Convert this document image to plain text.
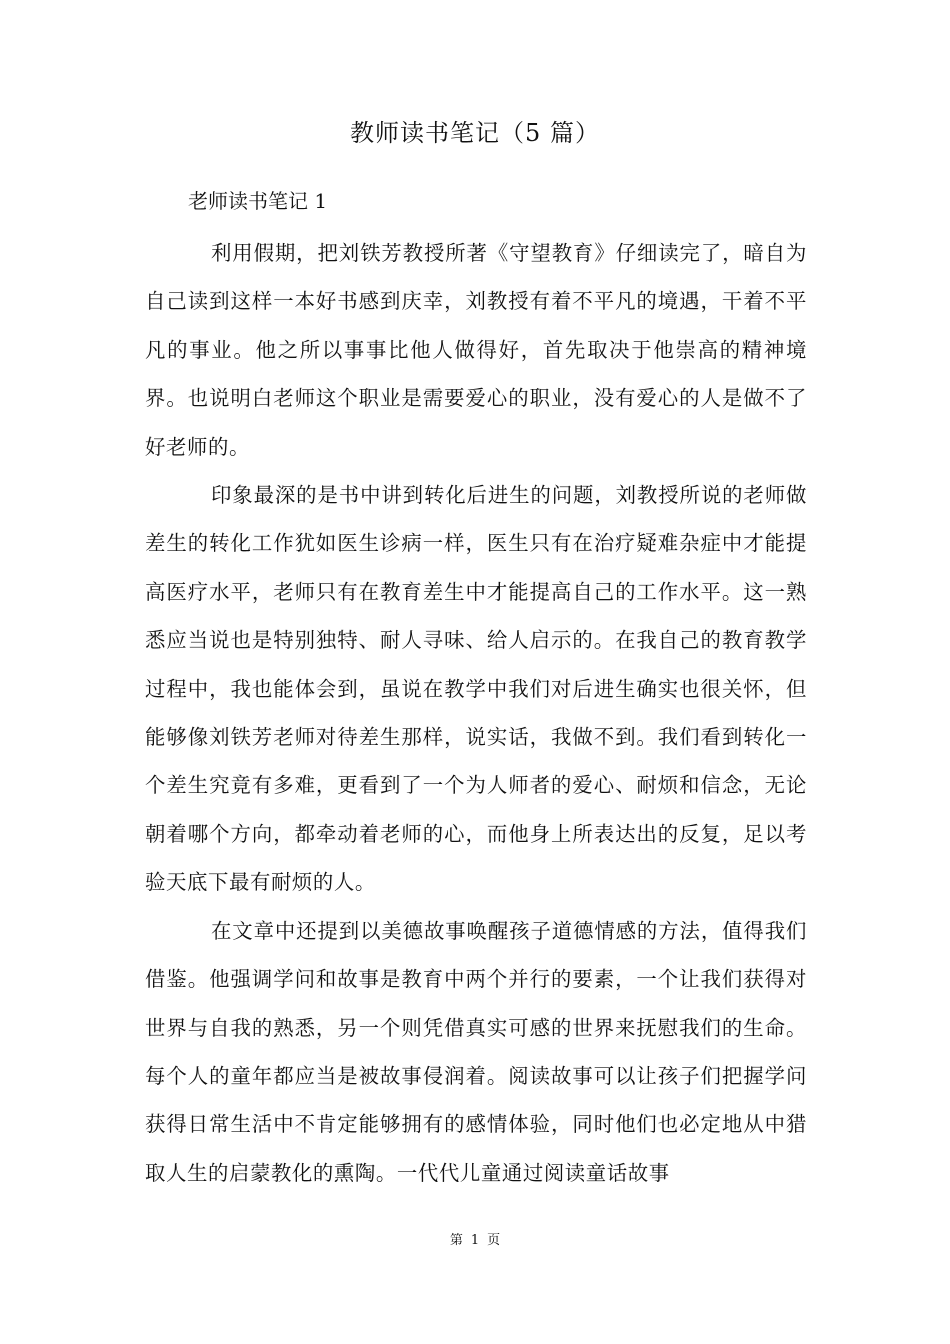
教师读书笔记（5 篇）
老师读书笔记 1

利用假期，把刘铁芳教授所著《守望教育》仔细读完了，暗自为自己读到这样一本好书感到庆幸，刘教授有着不平凡的境遇，干着不平凡的事业。他之所以事事比他人做得好，首先取决于他崇高的精神境界。也说明白老师这个职业是需要爱心的职业，没有爱心的人是做不了好老师的。

印象最深的是书中讲到转化后进生的问题，刘教授所说的老师做差生的转化工作犹如医生诊病一样，医生只有在治疗疑难杂症中才能提高医疗水平，老师只有在教育差生中才能提高自己的工作水平。这一熟悉应当说也是特别独特、耐人寻味、给人启示的。在我自己的教育教学过程中，我也能体会到，虽说在教学中我们对后进生确实也很关怀，但能够像刘铁芳老师对待差生那样，说实话，我做不到。我们看到转化一个差生究竟有多难，更看到了一个为人师者的爱心、耐烦和信念，无论朝着哪个方向，都牵动着老师的心，而他身上所表达出的反复，足以考验天底下最有耐烦的人。

在文章中还提到以美德故事唤醒孩子道德情感的方法，值得我们借鉴。他强调学问和故事是教育中两个并行的要素，一个让我们获得对世界与自我的熟悉，另一个则凭借真实可感的世界来抚慰我们的生命。每个人的童年都应当是被故事侵润着。阅读故事可以让孩子们把握学问获得日常生活中不肯定能够拥有的感情体验，同时他们也必定地从中猎取人生的启蒙教化的熏陶。一代代儿童通过阅读童话故事

第 1 页
